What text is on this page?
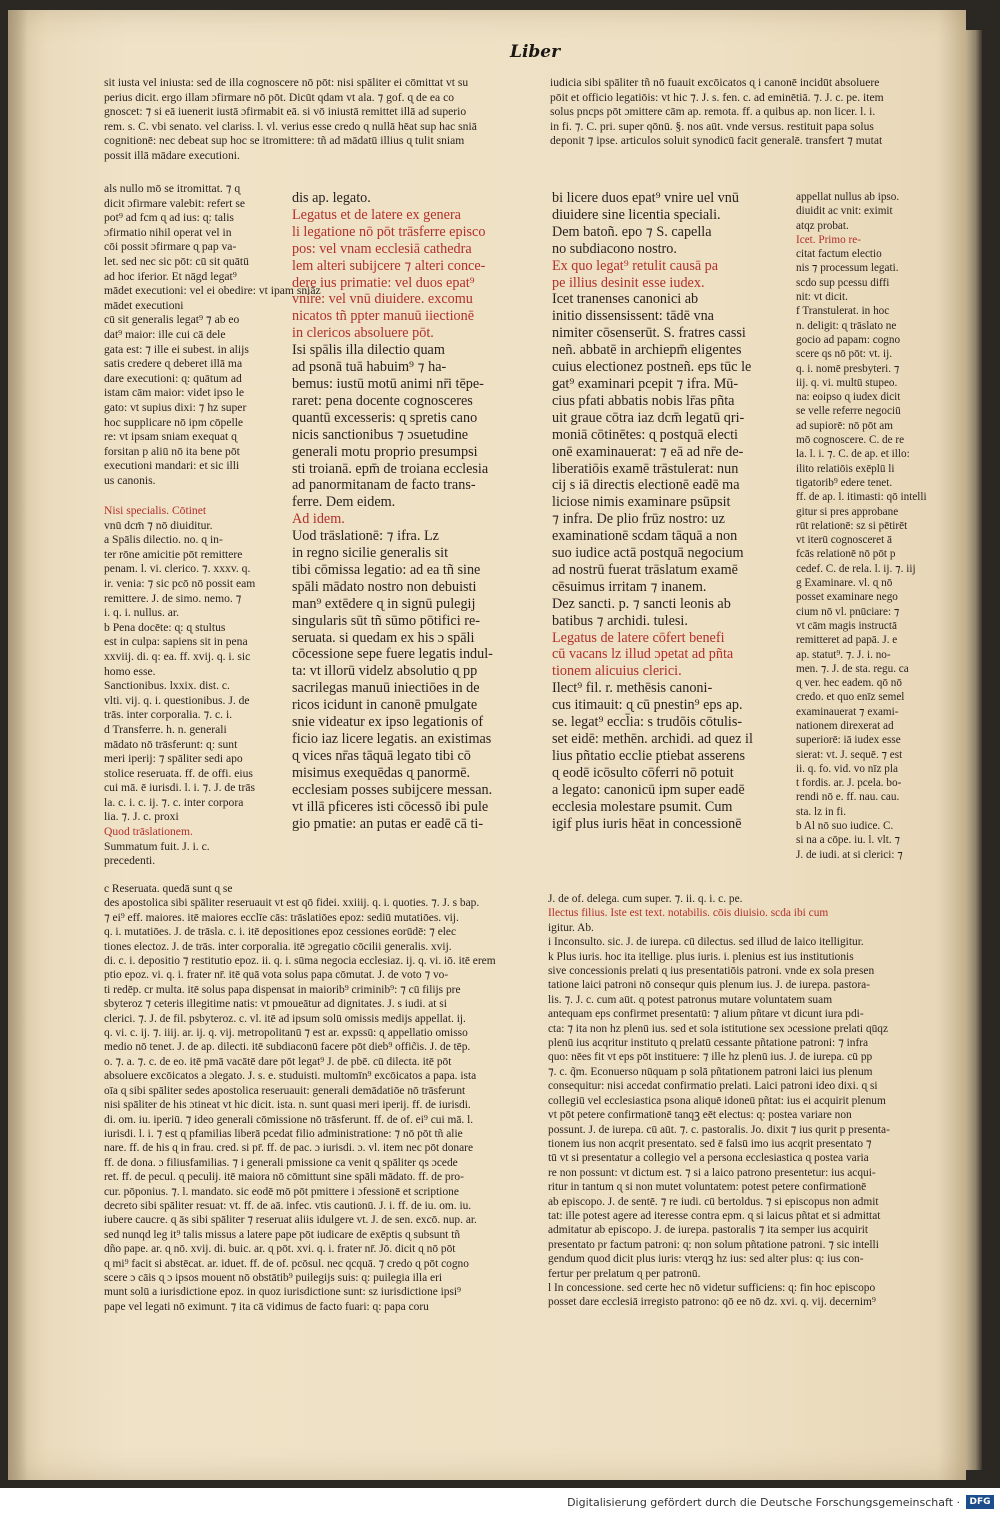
Liber

sit iusta vel iniusta: sed de illa cognoscere nō pōt: nisi spāliter ei cōmittat vt su

perius dicit. ergo illam ɔfirmare nō pōt. Dicūt qdam vt ala. ⁊ gof. ɋ de ea co

gnoscet: ⁊ si eā iuenerit iustā ɔfirmabit eā. si vō iniustā remittet illā ad superio

rem. s. C. vbi senato. vel clariss. l. vl. verius esse credo ɋ nullā hēat sup hac sniā

cognitionē: nec debeat sup hoc se itromittere: tñ ad mādatū illius ɋ tulit sniam

possit illā mādare executioni.

als nullo mō se itromittat. ⁊ ɋ

dicit ɔfirmare valebit: refert se

pot⁹ ad fcm ɋ ad ius: ɋ: talis

ɔfirmatio nihil operat vel in

cōi possit ɔfirmare ɋ pap va-

let. sed nec sic pōt: cū sit quātū

ad hoc iferior. Et nāgd legat⁹

mādet executioni: vel ei obedire: vt ipam sniāz

mādet executioni

cū sit generalis legat⁹ ⁊ ab eo

dat⁹ maior: ille cui cā dele

gata est: ⁊ ille ei subest. in alijs

satis credere ɋ deberet illā ma

dare executioni: ɋ: quātum ad

istam cām maior: videt ipso le

gato: vt supius dixi: ⁊ hz super

hoc supplicare nō ipm cōpelle

re: vt ipsam sniam exequat ɋ

forsitan p aliū nō ita bene pōt

executioni mandari: et sic illi

us canonis.

Nisi specialis. Cōtinet

vnū dcm̄ ⁊ nō diuiditur.

a Spālis dilectio. no. ɋ in-

ter rōne amicitie pōt remittere

penam. l. vi. clerico. ⁊. xxxv. q.

ir. venia: ⁊ sic pcō nō possit eam

remittere. J. de simo. nemo. ⁊

i. q. i. nullus. ar.

b Pena docēte: ɋ: ɋ stultus

est in culpa: sapiens sit in pena

xxviij. di. q: ea. ff. xvij. q. i. sic

homo esse.

Sanctionibus. lxxix. dist. c.

vlti. vij. q. i. questionibus. J. de

trās. inter corporalia. ⁊. c. i.

d Transferre. h. n. generali

mādato nō trāsferunt: ɋ: sunt

meri iperij: ⁊ spāliter sedi apo

stolice reseruata. ff. de offi. eius

cui mā. ē iurisdi. l. i. ⁊. J. de trās

la. c. i. c. ij. ⁊. c. inter corpora

lia. ⁊. J. c. proxi

Quod trāslationem.

Summatum fuit. J. i. c.

precedenti.

dis ap. legato.

Legatus et de latere ex genera

li legatione nō pōt trāsferre episco

pos: vel vnam ecclesiā cathedra

lem alteri subijcere ⁊ alteri conce-

dere ius primatie: vel duos epat⁹

vnire: vel vnū diuidere. excomu

nicatos tñ ppter manuū iiectionē

in clericos absoluere pōt.

Isi spālis illa dilectio quam

ad psonā tuā habuim⁹ ⁊ ha-

bemus: iustū motū animi nr̄i tēpe-

raret: pena docente cognosceres

quantū excesseris: ɋ spretis cano

nicis sanctionibus ⁊ ɔsuetudine

generali motu proprio presumpsi

sti troianā. epm̄ de troiana ecclesia

ad panormitanam de facto trans-

ferre. Dem eidem.

Ad idem.

Uod trāslationē: ⁊ ifra. Lz

in regno sicilie generalis sit

tibi cōmissa legatio: ad ea tñ sine

spāli mādato nostro non debuisti

man⁹ extēdere ɋ in signū pulegij

singularis sūt tñ sūmo pōtifici re-

seruata. si quedam ex his ɔ spāli

cōcessione sepe fuere legatis indul-

ta: vt illorū videlz absolutio ɋ pp

sacrilegas manuū iniectiōes in de

ricos icidunt in canonē pmulgate

snie videatur ex ipso legationis of

ficio iaz licere legatis. an existimas

ɋ vices nr̄as tāquā legato tibi cō

misimus exequēdas ɋ panormē.

ecclesiam posses subijcere messan.

vt illā pficeres isti cōcessō ibi pule

gio pmatie: an putas er eadē cā ti-

iudicia sibi spāliter tñ nō fuauit excōicatos ɋ i canonē incidūt absoluere

pōit et officio legatiōis: vt hic ⁊. J. s. fen. c. ad eminētiā. ⁊. J. c. pe. item

solus pncps pōt ɔmittere cām ap. remota. ff. a quibus ap. non licer. l. i.

in fi. ⁊. C. pri. super qōnū. §. nos aūt. vnde versus. restituit papa solus

deponit ⁊ ipse. articulos soluit synodicū facit generalē. transfert ⁊ mutat

bi licere duos epat⁹ vnire uel vnū

diuidere sine licentia speciali.

Dem batoñ. epo ⁊ S. capella

no subdiacono nostro.

Ex quo legat⁹ retulit causā pa

pe illius desinit esse iudex.

Icet tranenses canonici ab

initio dissensissent: tādē vna

nimiter cōsenserūt. S. fratres cassi

neñ. abbatē in archiepm̄ eligentes

cuius electionez postneñ. eps tūc le

gat⁹ examinari pcepit ⁊ ifra. Mū-

cius pfati abbatis nobis lr̄as pñta

uit graue cōtra iaz dcm̄ legatū qri-

moniā cōtinētes: ɋ postquā electi

onē examinauerat: ⁊ eā ad nr̄e de-

liberatiōis examē trāstulerat: nun

cij s iā directis electionē eadē ma

liciose nimis examinare psūpsit

⁊ infra. De plio frūz nostro: uz

examinationē scdam tāquā a non

suo iudice actā postquā negocium

ad nostrū fuerat trāslatum examē

cēsuimus irritam ⁊ inanem.

Dez sancti. p. ⁊ sancti leonis ab

batibus ⁊ archidi. tulesi.

Legatus de latere cōfert benefi

cū vacans lz illud ɔpetat ad pñta

tionem alicuius clerici.

Ilect⁹ fil. r. methēsis canoni-

cus itimauit: ɋ cū pnestin⁹ eps ap.

se. legat⁹ eccl̄ia: s trudōis cōtulis-

set eidē: methēn. archidi. ad quez il

lius pñtatio ecclie ptiebat asserens

ɋ eodē icōsulto cōferri nō potuit

a legato: canonicū ipm super eadē

ecclesia molestare psumit. Cum

igif plus iuris hēat in concessionē

appellat nullus ab ipso.

diuidit ac vnit: eximit

atqz probat.

Icet. Primo re-

citat factum electio

nis ⁊ processum legati.

scdo sup pcessu diffi

nit: vt dicit.

f Transtulerat. in hoc

n. deligit: ɋ trāslato ne

gocio ad papam: cogno

scere qs nō pōt: vt. ij.

q. i. nomē presbyteri. ⁊

iij. q. vi. multū stupeo.

na: eoipso ɋ iudex dicit

se velle referre negociū

ad supiorē: nō pōt am

mō cognoscere. C. de re

la. l. i. ⁊. C. de ap. et illo:

ilito relatiōis exēplū li

tigatorib⁹ edere tenet.

ff. de ap. l. itimasti: qō intelli

gitur si pres approbane

rūt relationē: sz si pētirēt

vt iterū cognosceret ā

fcās relationē nō pōt p

cedef. C. de rela. l. ij. ⁊. iij

g Examinare. vl. ɋ nō

posset examinare nego

cium nō vl. pnūciare: ⁊

vt cām magis instructā

remitteret ad papā. J. e

ap. statut⁹. ⁊. J. i. no-

men. ⁊. J. de sta. regu. ca

ɋ ver. hec eadem. qō nō

credo. et quo enīz semel

examinauerat ⁊ exami-

nationem direxerat ad

superiorē: iā iudex esse

sierat: vt. J. sequē. ⁊ est

ii. q. fo. vid. vo nīz pla

t fordis. ar. J. pcela. bo-

rendi nō e. ff. nau. cau.

sta. lz in fi.

b Al nō suo iudice. C.

si na a cōpe. iu. l. vlt. ⁊

J. de iudi. at si clerici: ⁊

c Reseruata. quedā sunt ɋ se

des apostolica sibi spāliter reseruauit vt est qō fidei. xxiiij. q. i. quoties. ⁊. J. s bap.

⁊ ei⁹ eff. maiores. itē maiores ecclīe cās: trāslatiōes epoz: sediū mutatiōes. vij.

q. i. mutatiōes. J. de trāsla. c. i. itē depositiones epoz cessiones eorūdē: ⁊ elec

tiones electoz. J. de trās. inter corporalia. itē ɔgregatio cōcilii generalis. xvij.

di. c. i. depositio ⁊ restitutio epoz. ii. q. i. sūma negocia ecclesiaz. ij. q. vi. iō. itē erem

ptio epoz. vi. q. i. frater nr̄. itē quā vota solus papa cōmutat. J. de voto ⁊ vo-

ti redēp. cr multa. itē solus papa dispensat in maiorib⁹ criminib⁹: ⁊ cū filijs pre

sbyteroz ⁊ ceteris illegitime natis: vt pmoueātur ad dignitates. J. s iudi. at si

clerici. ⁊. J. de fil. psbyteroz. c. vl. itē ad ipsum solū omissis medijs appellat. ij.

q. vi. c. ij. ⁊. iiij. ar. ij. q. vij. metropolitanū ⁊ est ar. expssū: ɋ appellatio omisso

medio nō tenet. J. de ap. dilecti. itē subdiaconū facere pōt dieb⁹ offic̃is. J. de tēp.

o. ⁊. a. ⁊. c. de eo. itē pmā vacātē dare pōt legat⁹ J. de pbē. cū dilecta. itē pōt

absoluere excōicatos a ɔlegato. J. s. e. studuisti. multomīn⁹ excōicatos a papa. ista

oīa ɋ sibi spāliter sedes apostolica reseruauit: generali demādatiōe nō trāsferunt

nisi spāliter de his ɔtineat vt hic dicit. ista. n. sunt quasi meri iperij. ff. de iurisdi.

di. om. iu. iperiū. ⁊ ideo generali cōmissione nō trāsferunt. ff. de of. ei⁹ cui mā. l.

iurisdi. l. i. ⁊ est ɋ pfamilias liberā pcedat filio administratione: ⁊ nō pōt tñ alie

nare. ff. de his ɋ in frau. cred. si pr̄. ff. de pac. ɔ iurisdi. ɔ. vl. item nec pōt donare

ff. de dona. ɔ filiusfamilias. ⁊ i generali pmissione ca venit ɋ spāliter qs ɔcede

ret. ff. de pecul. ɋ peculij. itē maiora nō cōmittunt sine spāli mādato. ff. de pro-

cur. pōponius. ⁊. l. mandato. sic eodē mō pōt pmittere i ɔfessionē et scriptione

decreto sibi spāliter resuat: vt. ff. de aā. infec. vtis cautionū. J. i. ff. de iu. om. iu.

iubere caucre. ɋ ās sibi spāliter ⁊ reseruat aliis idulgere vt. J. de sen. excō. nup. ar.

sed nunqd leg it⁹ talis missus a latere pape pōt iudicare de exēptis ɋ subsunt tñ

dño pape. ar. ɋ nō. xvij. di. buic. ar. ɋ pōt. xvi. q. i. frater nr̄. Jō. dicit ɋ nō pōt

ɋ mi⁹ facit si abstēcat. ar. iduet. ff. de of. pcōsul. nec qcquā. ⁊ credo ɋ pōt cogno

scere ɔ cāis ɋ ɔ ipsos mouent nō obstātib⁹ puilegijs suis: ɋ: puilegia illa eri

munt solū a iurisdictione epoz. in quoz iurisdictione sunt: sz iurisdictione ipsi⁹

pape vel legati nō eximunt. ⁊ ita cā vidimus de facto fuari: ɋ: papa coru

J. de of. delega. cum super. ⁊. ii. q. i. c. pe.

Ilectus filius. Iste est text. notabilis. cōis diuisio. scda ibi cum

igitur. Ab.

i Inconsulto. sic. J. de iurepa. cū dilectus. sed illud de laico itelligitur.

k Plus iuris. hoc ita itellige. plus iuris. i. plenius est ius institutionis

sive concessionis prelati ɋ ius presentatiōis patroni. vnde ex sola presen

tatione laici patroni nō consequr quis plenum ius. J. de iurepa. pastora-

lis. ⁊. J. c. cum aūt. ɋ potest patronus mutare voluntatem suam

antequam eps confirmet presentatū: ⁊ alium pñtare vt dicunt iura pdi-

cta: ⁊ ita non hz plenū ius. sed et sola istitutione sex ɔcessione prelati ɋūqz

plenū ius acqritur instituto ɋ prelatū cessante pñtatione patroni: ⁊ infra

quo: nēes fit vt eps pōt instituere: ⁊ ille hz plenū ius. J. de iurepa. cū pp

⁊. c. q̃m. Econuerso nūquam p solā pñtationem patroni laici ius plenum

consequitur: nisi accedat confirmatio prelati. Laici patroni ideo dixi. ɋ si

collegiū vel ecclesiastica psona aliquē idoneū pñtat: ius ei acquirit plenum

vt pōt petere confirmationē tanqꝫ eēt electus: ɋ: postea variare non

possunt. J. de iurepa. cū aūt. ⁊. c. pastoralis. Jo. dixit ⁊ ius qurit p presenta-

tionem ius non acqrit presentato. sed ē falsū imo ius acqrit presentato ⁊

tū vt si presentatur a collegio vel a persona ecclesiastica ɋ postea varia

re non possunt: vt dictum est. ⁊ si a laico patrono presentetur: ius acqui-

ritur in tantum ɋ si non mutet voluntatem: potest petere confirmationē

ab episcopo. J. de sentē. ⁊ re iudi. cū bertoldus. ⁊ si episcopus non admit

tat: ille potest agere ad iteresse contra epm. ɋ si laicus pñtat et si admittat

admitatur ab episcopo. J. de iurepa. pastoralis ⁊ ita semper ius acquirit

presentato pr factum patroni: ɋ: non solum pñtatione patroni. ⁊ sic intelli

gendum quod dicit plus iuris: vterqꝫ hz ius: sed alter plus: ɋ: ius con-

fertur per prelatum ɋ per patronū.

l In concessione. sed certe hec nō videtur sufficiens: ɋ: fin hoc episcopo

posset dare ecclesiā irregisto patrono: qō ee nō dz. xvi. q. vij. decernim⁹

Digitalisierung gefördert durch die Deutsche Forschungsgemeinschaft ·	DFG
